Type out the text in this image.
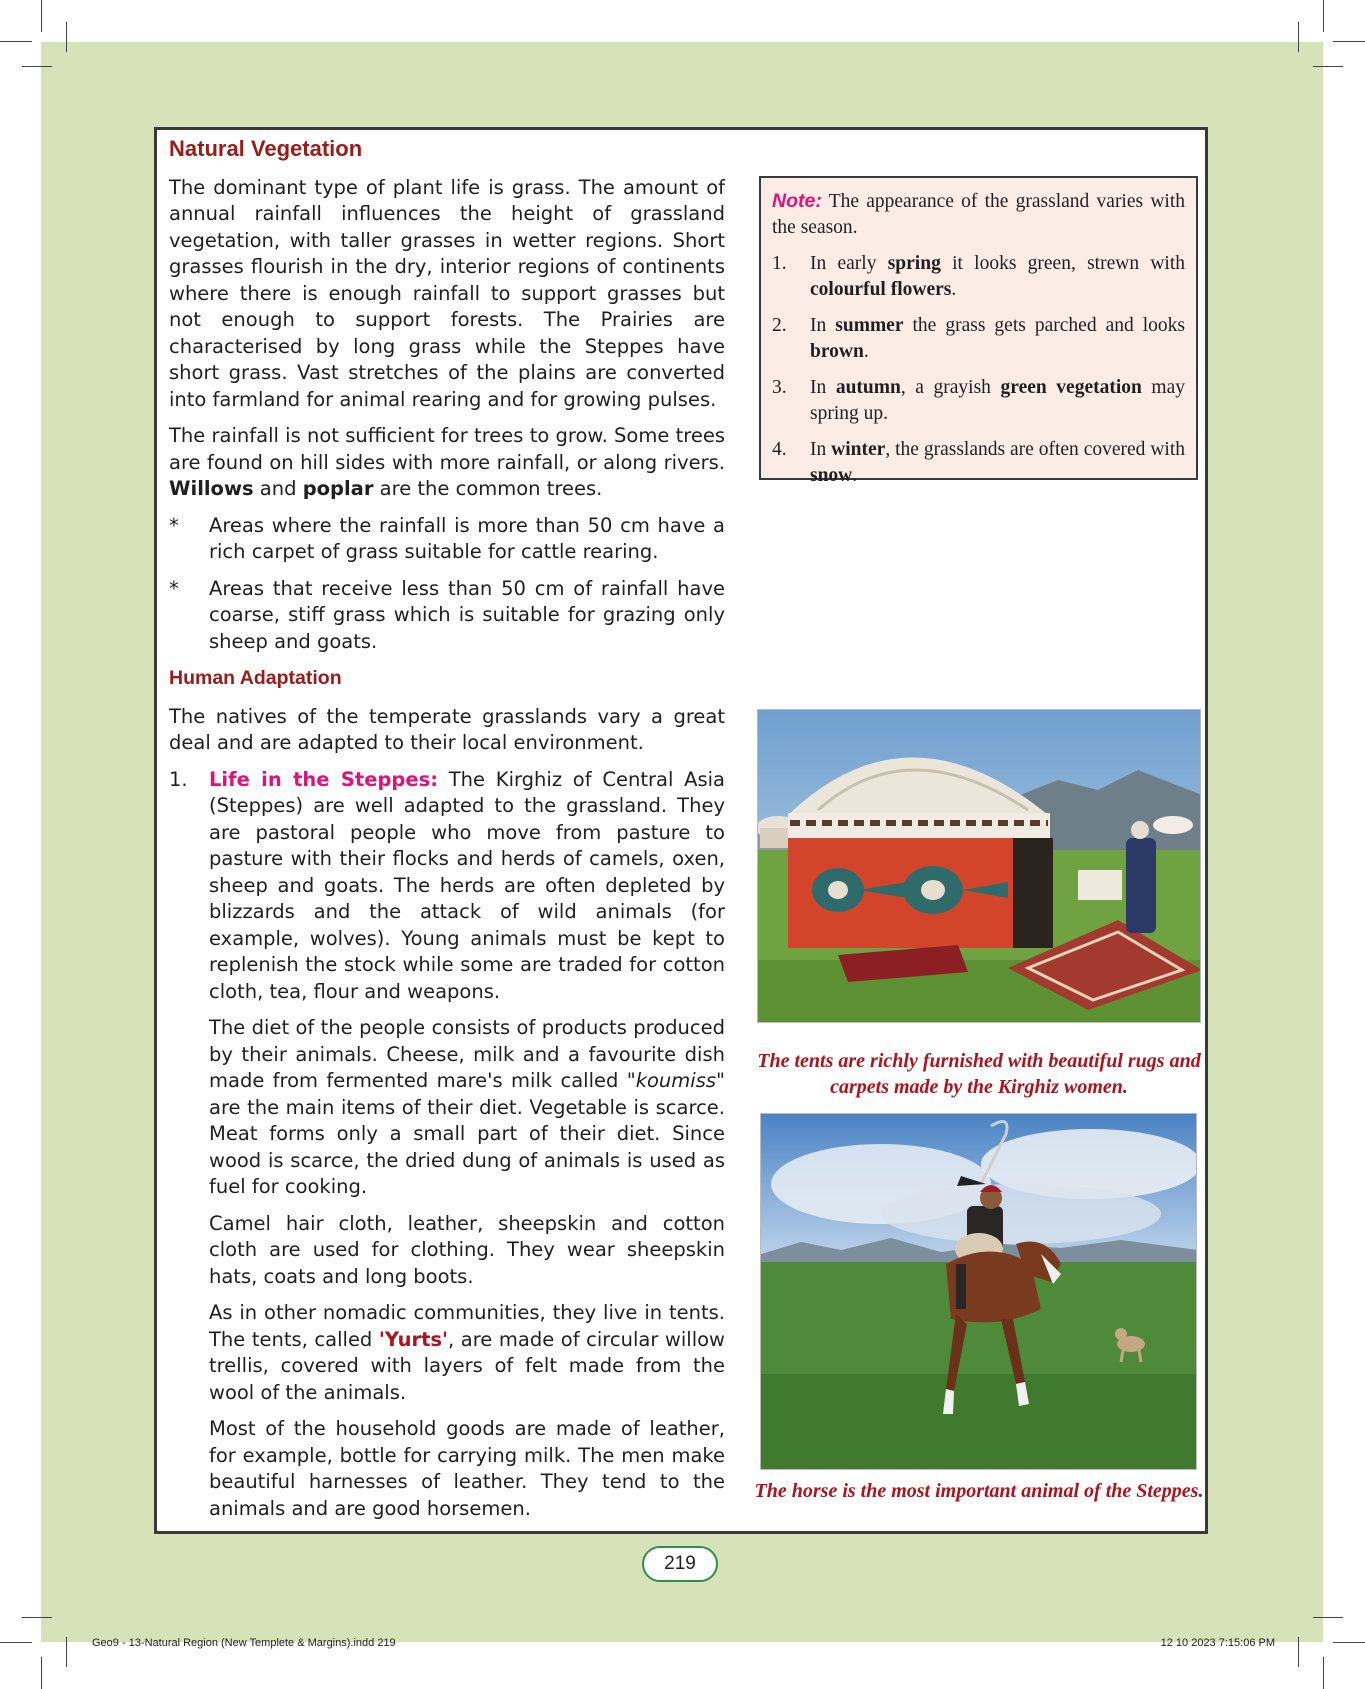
Natural Vegetation

The dominant type of plant life is grass. The amount of annual rainfall influences the height of grassland vegetation, with taller grasses in wetter regions. Short grasses flourish in the dry, interior regions of continents where there is enough rainfall to support grasses but not enough to support forests. The Prairies are characterised by long grass while the Steppes have short grass. Vast stretches of the plains are converted into farmland for animal rearing and for growing pulses.

The rainfall is not sufficient for trees to grow. Some trees are found on hill sides with more rainfall, or along rivers. Willows and poplar are the common trees.

* Areas where the rainfall is more than 50 cm have a rich carpet of grass suitable for cattle rearing.
* Areas that receive less than 50 cm of rainfall have coarse, stiff grass which is suitable for grazing only sheep and goats.
Human Adaptation

The natives of the temperate grasslands vary a great deal and are adapted to their local environment.

1. Life in the Steppes: The Kirghiz of Central Asia (Steppes) are well adapted to the grassland. They are pastoral people who move from pasture to pasture with their flocks and herds of camels, oxen, sheep and goats. The herds are often depleted by blizzards and the attack of wild animals (for example, wolves). Young animals must be kept to replenish the stock while some are traded for cotton cloth, tea, flour and weapons.

The diet of the people consists of products produced by their animals. Cheese, milk and a favourite dish made from fermented mare's milk called "koumiss" are the main items of their diet. Vegetable is scarce. Meat forms only a small part of their diet. Since wood is scarce, the dried dung of animals is used as fuel for cooking.

Camel hair cloth, leather, sheepskin and cotton cloth are used for clothing. They wear sheepskin hats, coats and long boots.

As in other nomadic communities, they live in tents. The tents, called 'Yurts', are made of circular willow trellis, covered with layers of felt made from the wool of the animals.

Most of the household goods are made of leather, for example, bottle for carrying milk. The men make beautiful harnesses of leather. They tend to the animals and are good horsemen.

Note: The appearance of the grassland varies with the season.
1. In early spring it looks green, strewn with colourful flowers.
2. In summer the grass gets parched and looks brown.
3. In autumn, a grayish green vegetation may spring up.
4. In winter, the grasslands are often covered with snow.
The tents are richly furnished with beautiful rugs and carpets made by the Kirghiz women.
The horse is the most important animal of the Steppes.
219
Geo9 - 13-Natural Region (New Templete & Margins).indd 219	12 10 2023 7:15:06 PM
